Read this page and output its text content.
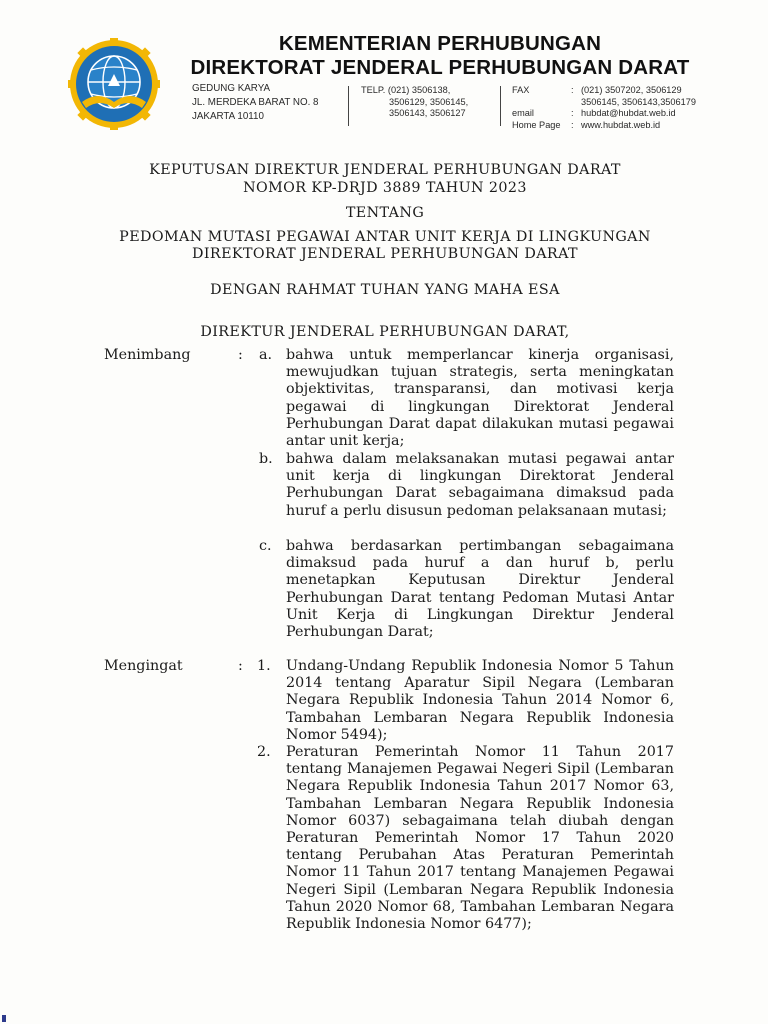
KEMENTERIAN PERHUBUNGAN
DIREKTORAT JENDERAL PERHUBUNGAN DARAT
GEDUNG KARYA
JL. MERDEKA BARAT NO. 8
JAKARTA 10110
TELP. (021) 3506138,
3506129, 3506145,
3506143, 3506127
FAX	: (021) 3507202, 3506129
3506145, 3506143,3506179
email	: hubdat@hubdat.web.id
Home Page : www.hubdat.web.id
KEPUTUSAN DIREKTUR JENDERAL PERHUBUNGAN DARAT
NOMOR KP-DRJD 3889 TAHUN 2023
TENTANG
PEDOMAN MUTASI PEGAWAI ANTAR UNIT KERJA DI LINGKUNGAN
DIREKTORAT JENDERAL PERHUBUNGAN DARAT
DENGAN RAHMAT TUHAN YANG MAHA ESA
DIREKTUR JENDERAL PERHUBUNGAN DARAT,
Menimbang	: a. bahwa untuk memperlancar kinerja organisasi, mewujudkan tujuan strategis, serta meningkatan objektivitas, transparansi, dan motivasi kerja pegawai di lingkungan Direktorat Jenderal Perhubungan Darat dapat dilakukan mutasi pegawai antar unit kerja;
b. bahwa dalam melaksanakan mutasi pegawai antar unit kerja di lingkungan Direktorat Jenderal Perhubungan Darat sebagaimana dimaksud pada huruf a perlu disusun pedoman pelaksanaan mutasi;
c. bahwa berdasarkan pertimbangan sebagaimana dimaksud pada huruf a dan huruf b, perlu menetapkan Keputusan Direktur Jenderal Perhubungan Darat tentang Pedoman Mutasi Antar Unit Kerja di Lingkungan Direktur Jenderal Perhubungan Darat;
Mengingat	: 1. Undang-Undang Republik Indonesia Nomor 5 Tahun 2014 tentang Aparatur Sipil Negara (Lembaran Negara Republik Indonesia Tahun 2014 Nomor 6, Tambahan Lembaran Negara Republik Indonesia Nomor 5494);
2. Peraturan Pemerintah Nomor 11 Tahun 2017 tentang Manajemen Pegawai Negeri Sipil (Lembaran Negara Republik Indonesia Tahun 2017 Nomor 63, Tambahan Lembaran Negara Republik Indonesia Nomor 6037) sebagaimana telah diubah dengan Peraturan Pemerintah Nomor 17 Tahun 2020 tentang Perubahan Atas Peraturan Pemerintah Nomor 11 Tahun 2017 tentang Manajemen Pegawai Negeri Sipil (Lembaran Negara Republik Indonesia Tahun 2020 Nomor 68, Tambahan Lembaran Negara Republik Indonesia Nomor 6477);
